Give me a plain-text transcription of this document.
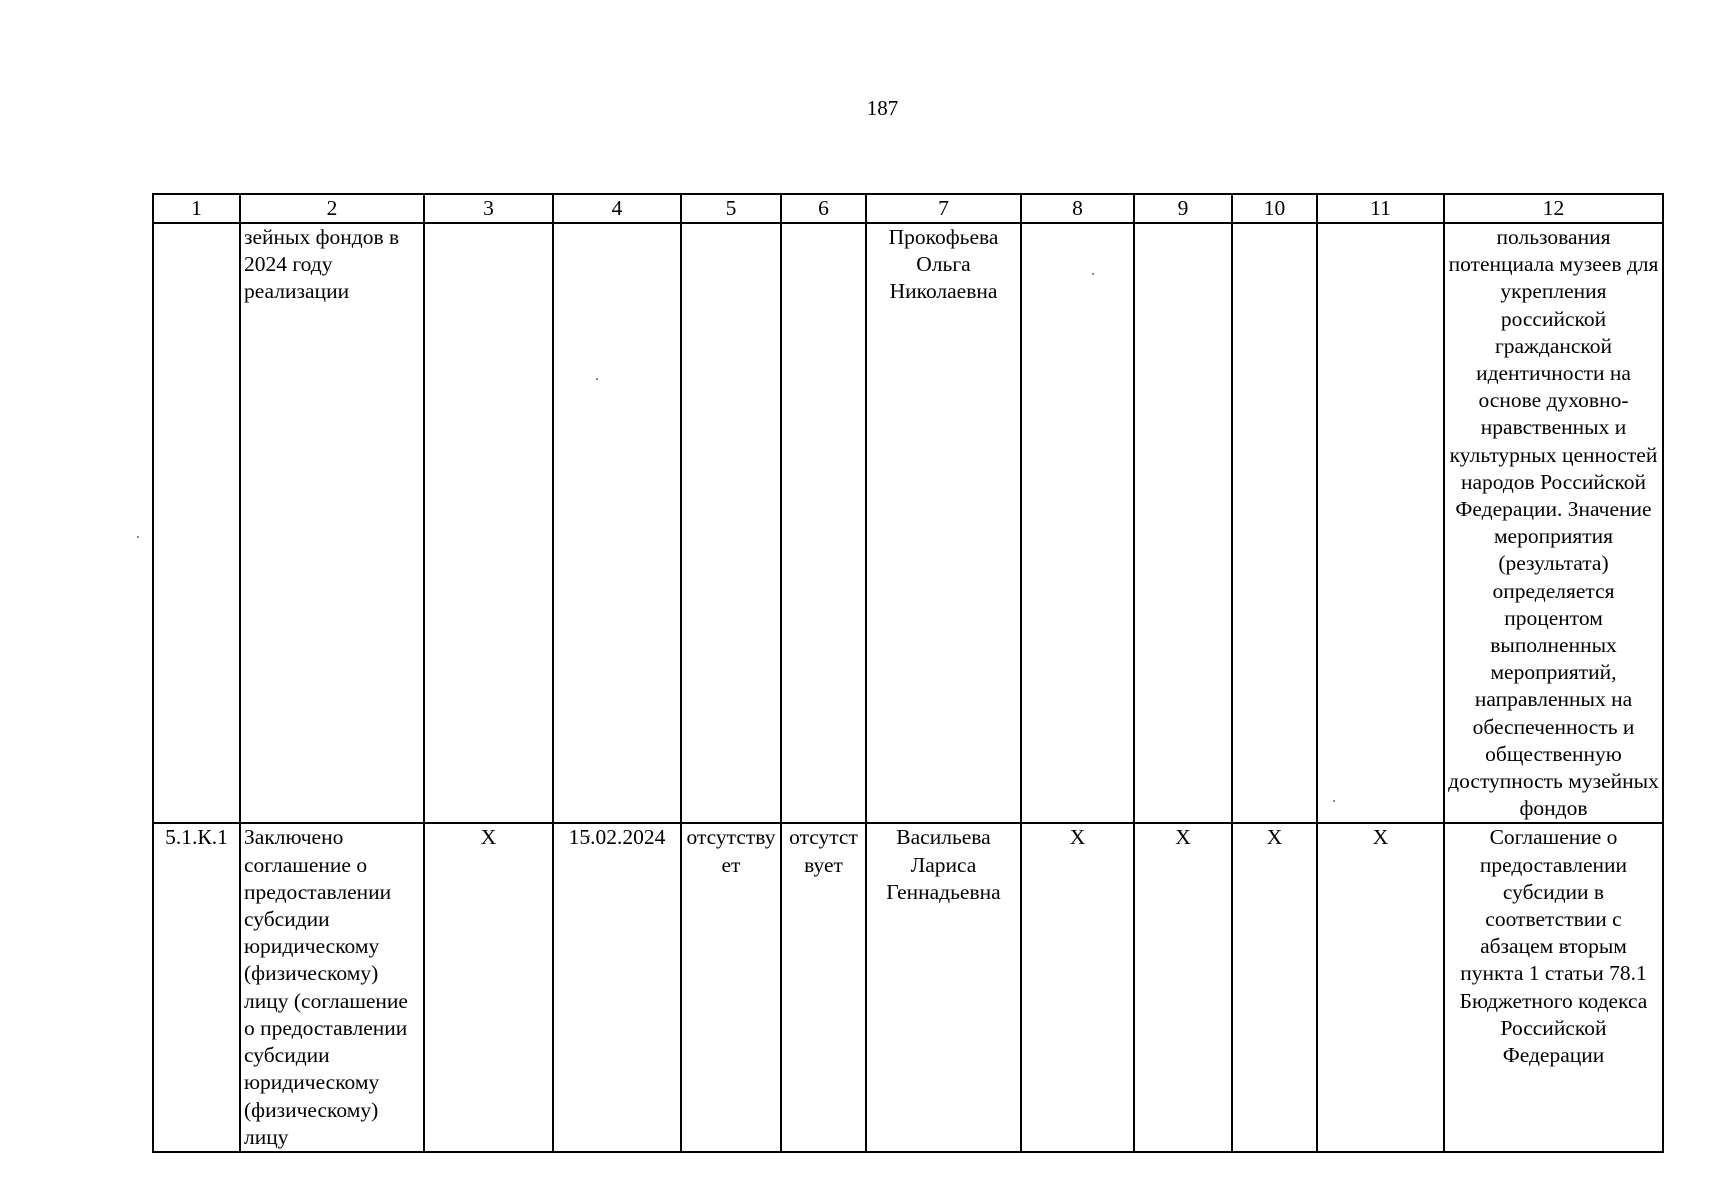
187
1	2	3	4	5	6	7	8	9	10	11	12
	зейных фондов в 2024 году реализации					Прокофьева Ольга Николаевна					пользования потенциала музеев для укрепления российской гражданской идентичности на основе духовно-нравственных и культурных ценностей народов Российской Федерации. Значение мероприятия (результата) определяется процентом выполненных мероприятий, направленных на обеспеченность и общественную доступность музейных фондов
5.1.К.1	Заключено соглашение о предоставлении субсидии юридическому (физическому) лицу (соглашение о предоставлении субсидии юридическому (физическому) лицу	X	15.02.2024	отсутствует	отсутствует	Васильева Лариса Геннадьевна	X	X	X	X	Соглашение о предоставлении субсидии в соответствии с абзацем вторым пункта 1 статьи 78.1 Бюджетного кодекса Российской Федерации
